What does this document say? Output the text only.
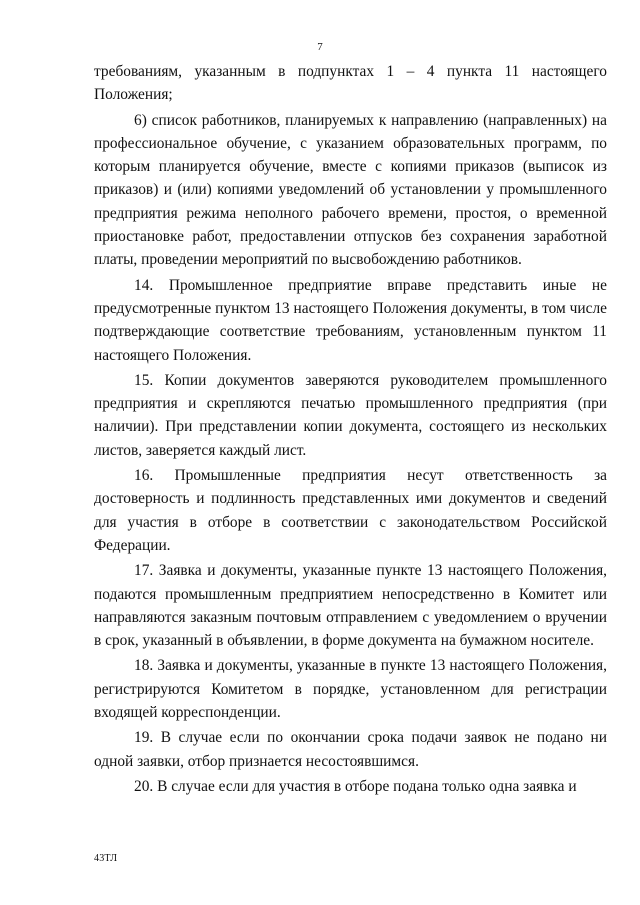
7

требованиям, указанным в подпунктах 1 – 4 пункта 11 настоящего Положения;

6) список работников, планируемых к направлению (направленных) на профессиональное обучение, с указанием образовательных программ, по которым планируется обучение, вместе с копиями приказов (выписок из приказов) и (или) копиями уведомлений об установлении у промышленного предприятия режима неполного рабочего времени, простоя, о временной приостановке работ, предоставлении отпусков без сохранения заработной платы, проведении мероприятий по высвобождению работников.

14. Промышленное предприятие вправе представить иные не предусмотренные пунктом 13 настоящего Положения документы, в том числе подтверждающие соответствие требованиям, установленным пунктом 11 настоящего Положения.

15. Копии документов заверяются руководителем промышленного предприятия и скрепляются печатью промышленного предприятия (при наличии). При представлении копии документа, состоящего из нескольких листов, заверяется каждый лист.

16. Промышленные предприятия несут ответственность за достоверность и подлинность представленных ими документов и сведений для участия в отборе в соответствии с законодательством Российской Федерации.

17. Заявка и документы, указанные пункте 13 настоящего Положения, подаются промышленным предприятием непосредственно в Комитет или направляются заказным почтовым отправлением с уведомлением о вручении в срок, указанный в объявлении, в форме документа на бумажном носителе.

18. Заявка и документы, указанные в пункте 13 настоящего Положения, регистрируются Комитетом в порядке, установленном для регистрации входящей корреспонденции.

19. В случае если по окончании срока подачи заявок не подано ни одной заявки, отбор признается несостоявшимся.

20. В случае если для участия в отборе подана только одна заявка и

43ТЛ
